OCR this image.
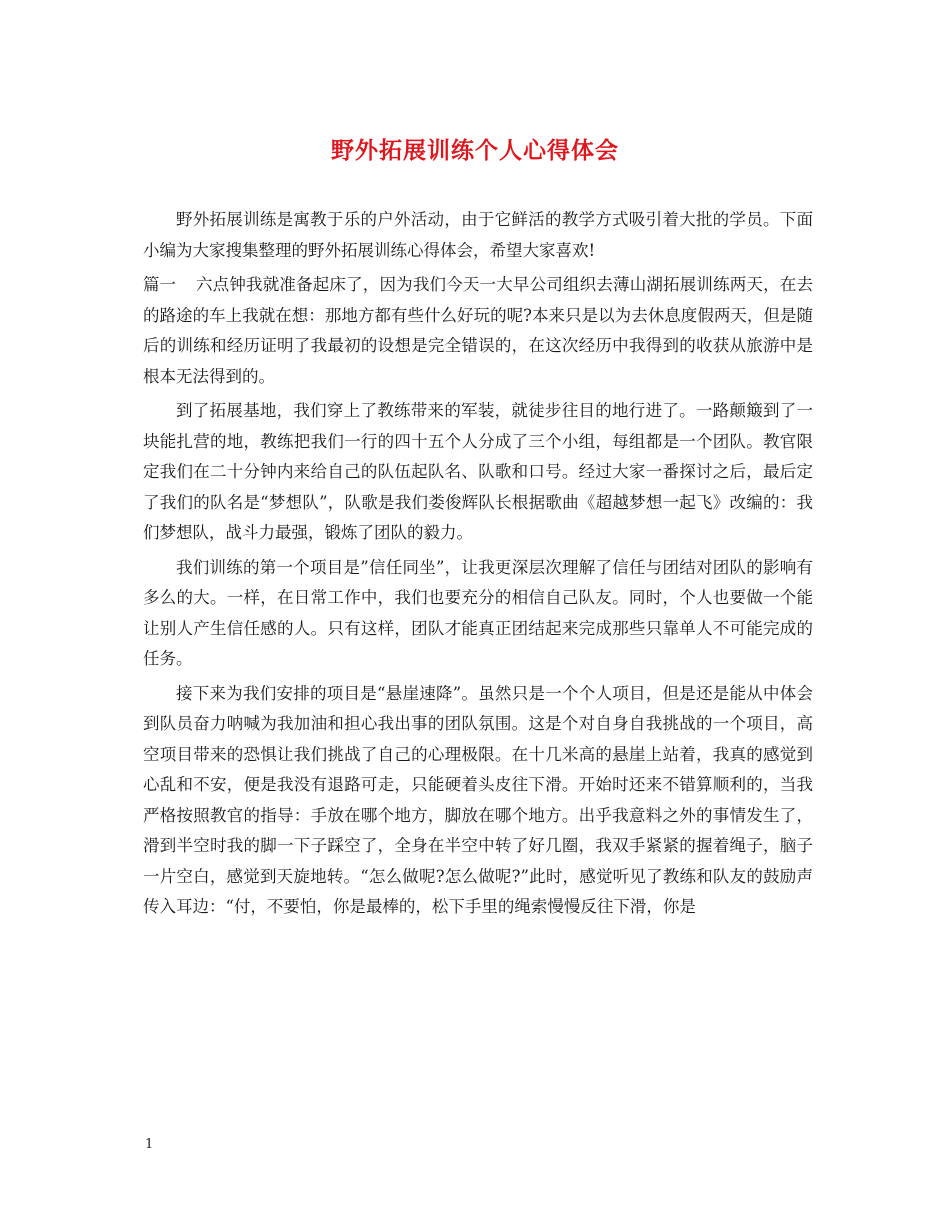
野外拓展训练个人心得体会

野外拓展训练是寓教于乐的户外活动，由于它鲜活的教学方式吸引着大批的学员。下面小编为大家搜集整理的野外拓展训练心得体会，希望大家喜欢!

篇一 六点钟我就准备起床了，因为我们今天一大早公司组织去薄山湖拓展训练两天，在去的路途的车上我就在想：那地方都有些什么好玩的呢?本来只是以为去休息度假两天，但是随后的训练和经历证明了我最初的设想是完全错误的，在这次经历中我得到的收获从旅游中是根本无法得到的。

到了拓展基地，我们穿上了教练带来的军装，就徒步往目的地行进了。一路颠簸到了一块能扎营的地，教练把我们一行的四十五个人分成了三个小组，每组都是一个团队。教官限定我们在二十分钟内来给自己的队伍起队名、队歌和口号。经过大家一番探讨之后，最后定了我们的队名是“梦想队”，队歌是我们娄俊辉队长根据歌曲《超越梦想一起飞》改编的：我们梦想队，战斗力最强，锻炼了团队的毅力。

我们训练的第一个项目是”信任同坐”，让我更深层次理解了信任与团结对团队的影响有多么的大。一样，在日常工作中，我们也要充分的相信自己队友。同时，个人也要做一个能让别人产生信任感的人。只有这样，团队才能真正团结起来完成那些只靠单人不可能完成的任务。

接下来为我们安排的项目是“悬崖速降”。虽然只是一个个人项目，但是还是能从中体会到队员奋力呐喊为我加油和担心我出事的团队氛围。这是个对自身自我挑战的一个项目，高空项目带来的恐惧让我们挑战了自己的心理极限。在十几米高的悬崖上站着，我真的感觉到心乱和不安，便是我没有退路可走，只能硬着头皮往下滑。开始时还来不错算顺利的，当我严格按照教官的指导：手放在哪个地方，脚放在哪个地方。出乎我意料之外的事情发生了，滑到半空时我的脚一下子踩空了，全身在半空中转了好几圈，我双手紧紧的握着绳子，脑子一片空白，感觉到天旋地转。“怎么做呢?怎么做呢?”此时，感觉听见了教练和队友的鼓励声传入耳边：“付，不要怕，你是最棒的，松下手里的绳索慢慢反往下滑，你是

1
